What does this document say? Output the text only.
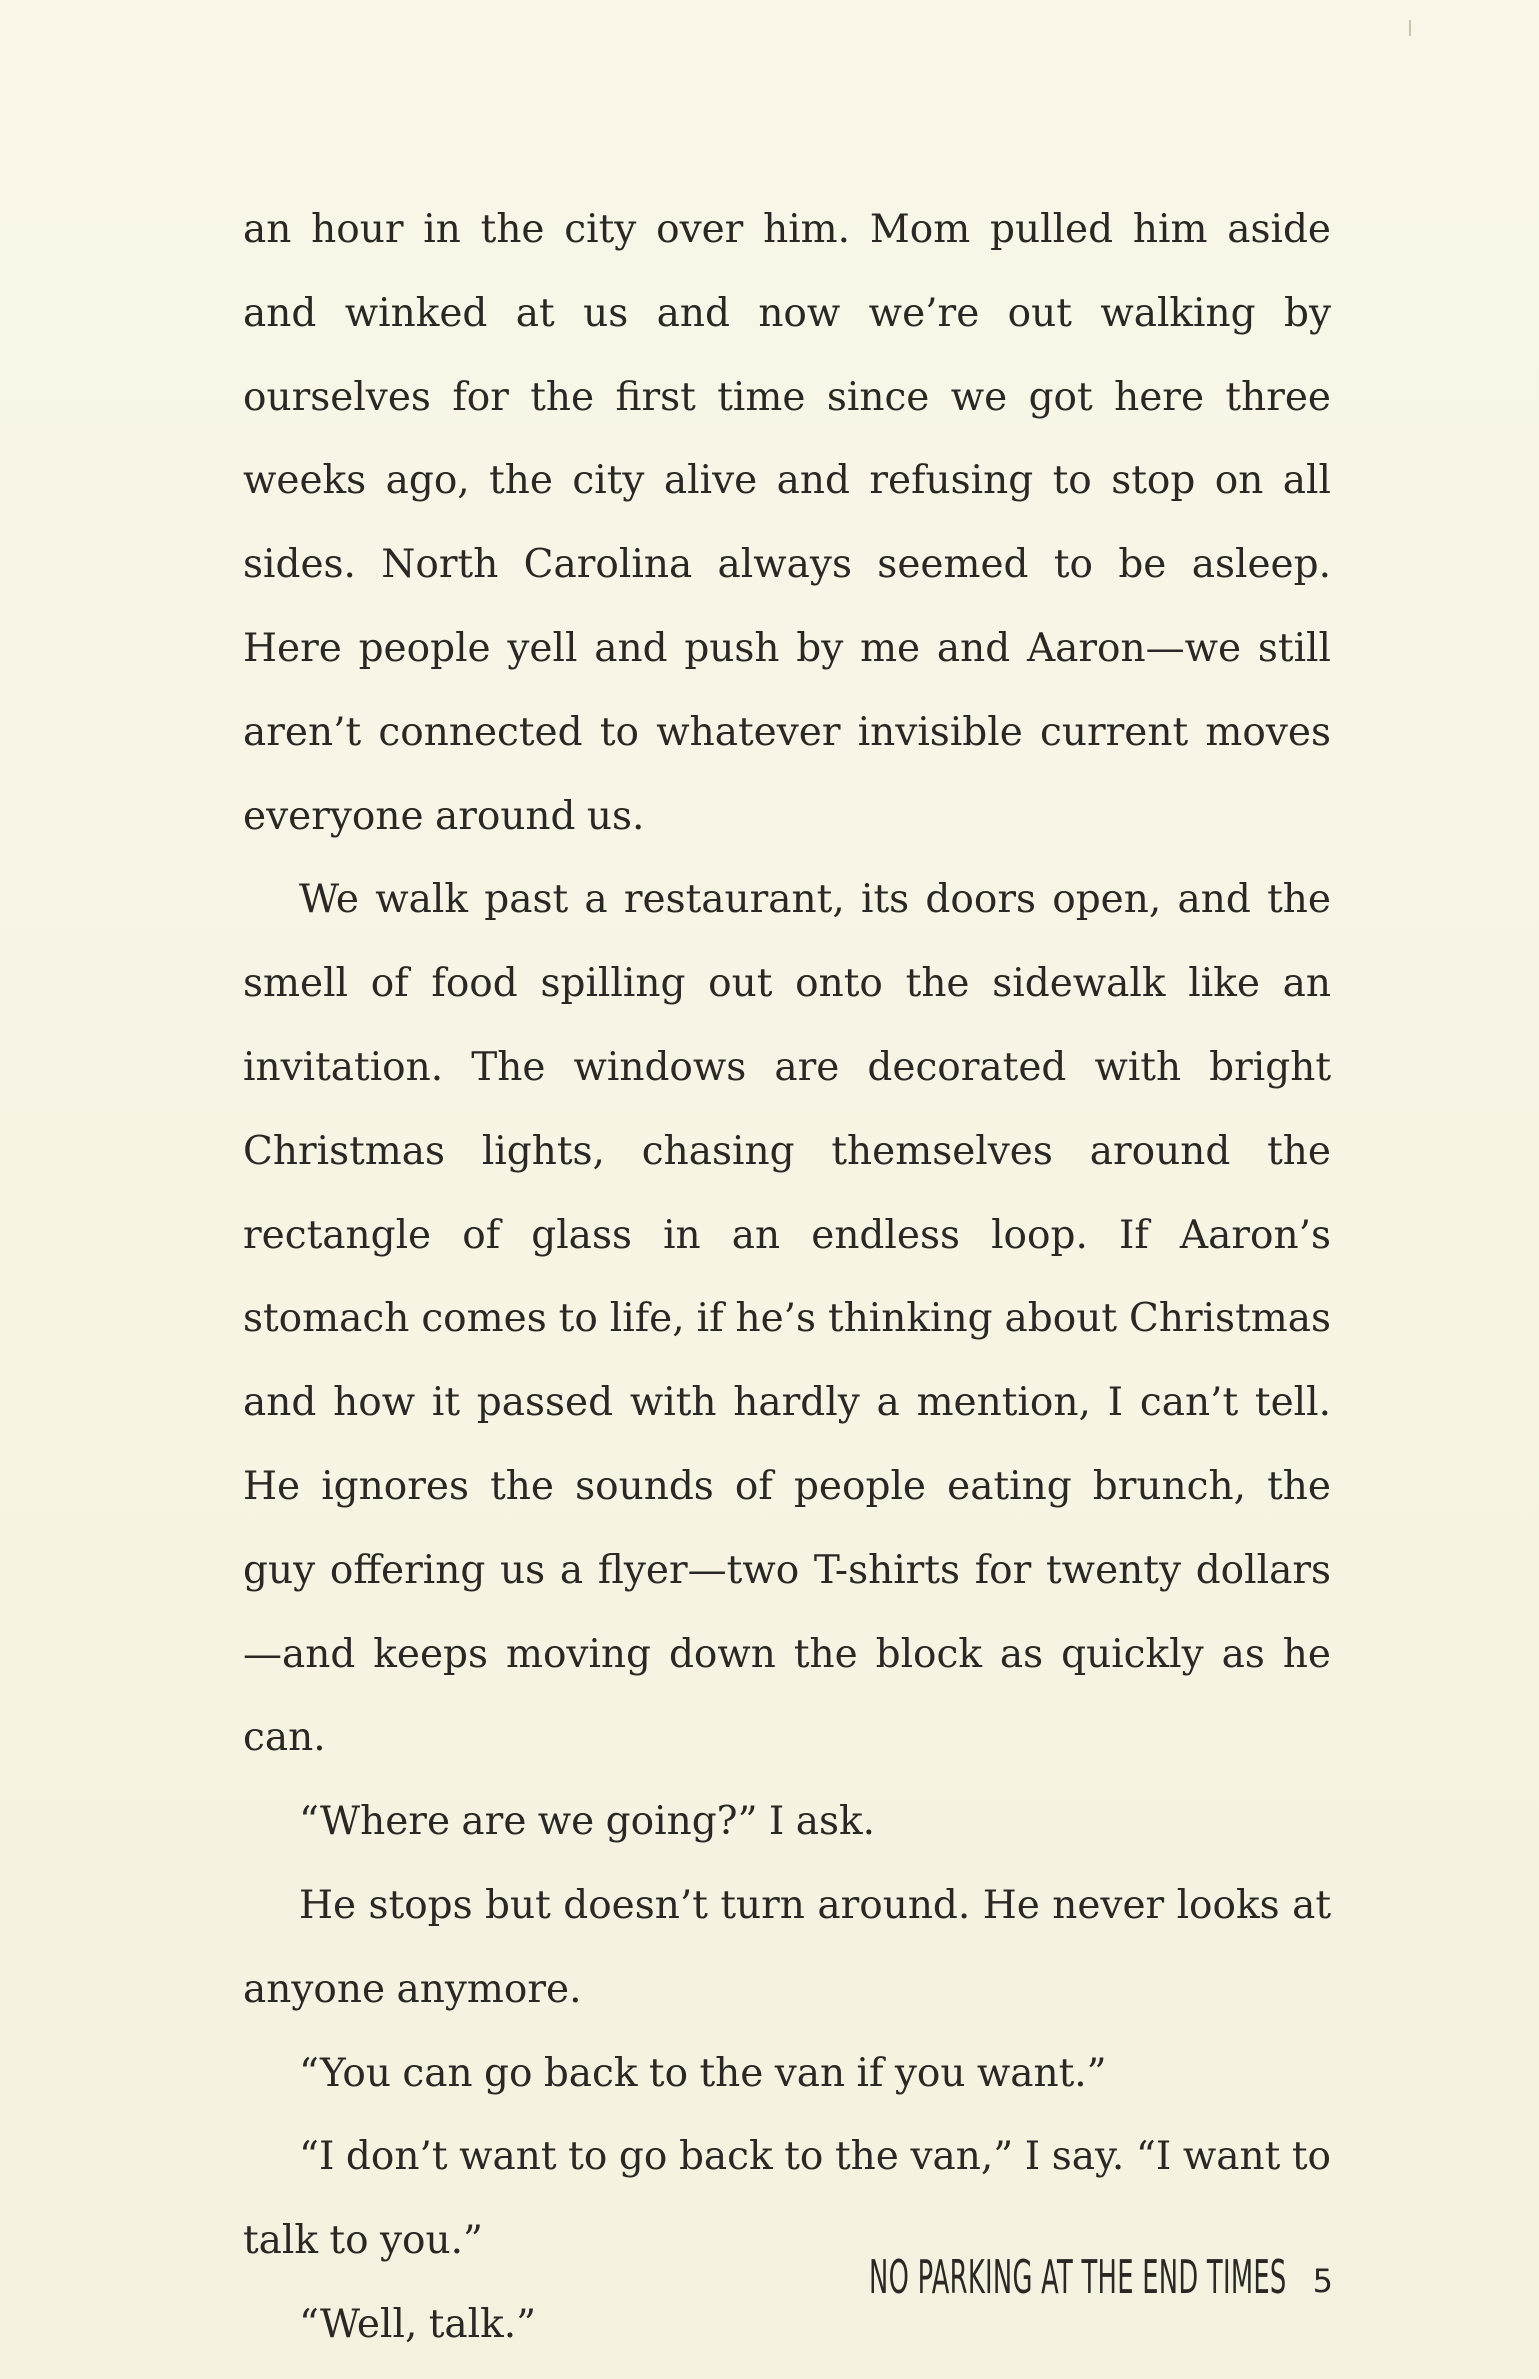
an hour in the city over him. Mom pulled him aside and winked at us and now we’re out walking by ourselves for the first time since we got here three weeks ago, the city alive and refusing to stop on all sides. North Carolina always seemed to be asleep. Here people yell and push by me and Aaron—we still aren’t connected to whatever invisible current moves everyone around us.

We walk past a restaurant, its doors open, and the smell of food spilling out onto the sidewalk like an invitation. The windows are decorated with bright Christmas lights, chasing themselves around the rectangle of glass in an endless loop. If Aaron’s stomach comes to life, if he’s thinking about Christmas and how it passed with hardly a mention, I can’t tell. He ignores the sounds of people eating brunch, the guy offering us a flyer—two T-shirts for twenty dollars—and keeps moving down the block as quickly as he can.

“Where are we going?” I ask.

He stops but doesn’t turn around. He never looks at anyone anymore.

“You can go back to the van if you want.”

“I don’t want to go back to the van,” I say. “I want to talk to you.”

“Well, talk.”

NO PARKING AT THE END TIMES 5
